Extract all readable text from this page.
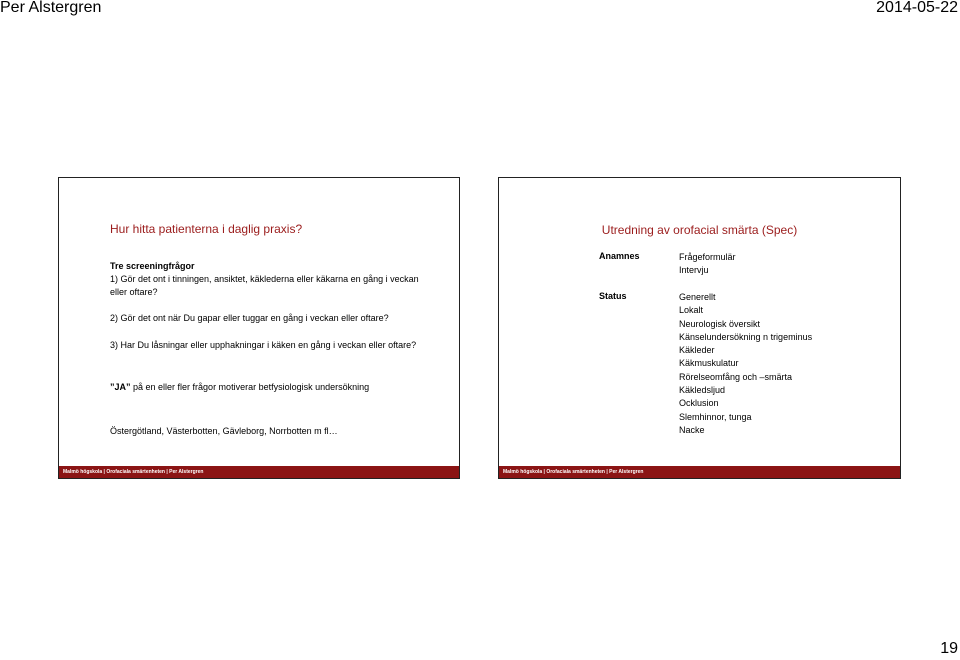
Per Alstergren	2014-05-22
Hur hitta patienterna i daglig praxis?
Tre screeningfrågor
1) Gör det ont i tinningen, ansiktet, käklederna eller käkarna en gång i veckan eller oftare?
2) Gör det ont när Du gapar eller tuggar en gång i veckan eller oftare?
3) Har Du låsningar eller upphakningar i käken en gång i veckan eller oftare?
”JA” på en eller fler frågor motiverar betfysiologisk undersökning
Östergötland, Västerbotten, Gävleborg, Norrbotten m fl…
Malmö högskola | Orofaciala smärtenheten | Per Alstergren
Utredning av orofacial smärta (Spec)
Anamnes	Frågeformulär
Intervju
Status	Generellt
Lokalt
Neurologisk översikt
Känselundersökning n trigeminus
Käkleder
Käkmuskulatur
Rörelseomfång och –smärta
Käkledsljud
Ocklusion
Slemhinnor, tunga
Nacke
Malmö högskola | Orofaciala smärtenheten | Per Alstergren
19
